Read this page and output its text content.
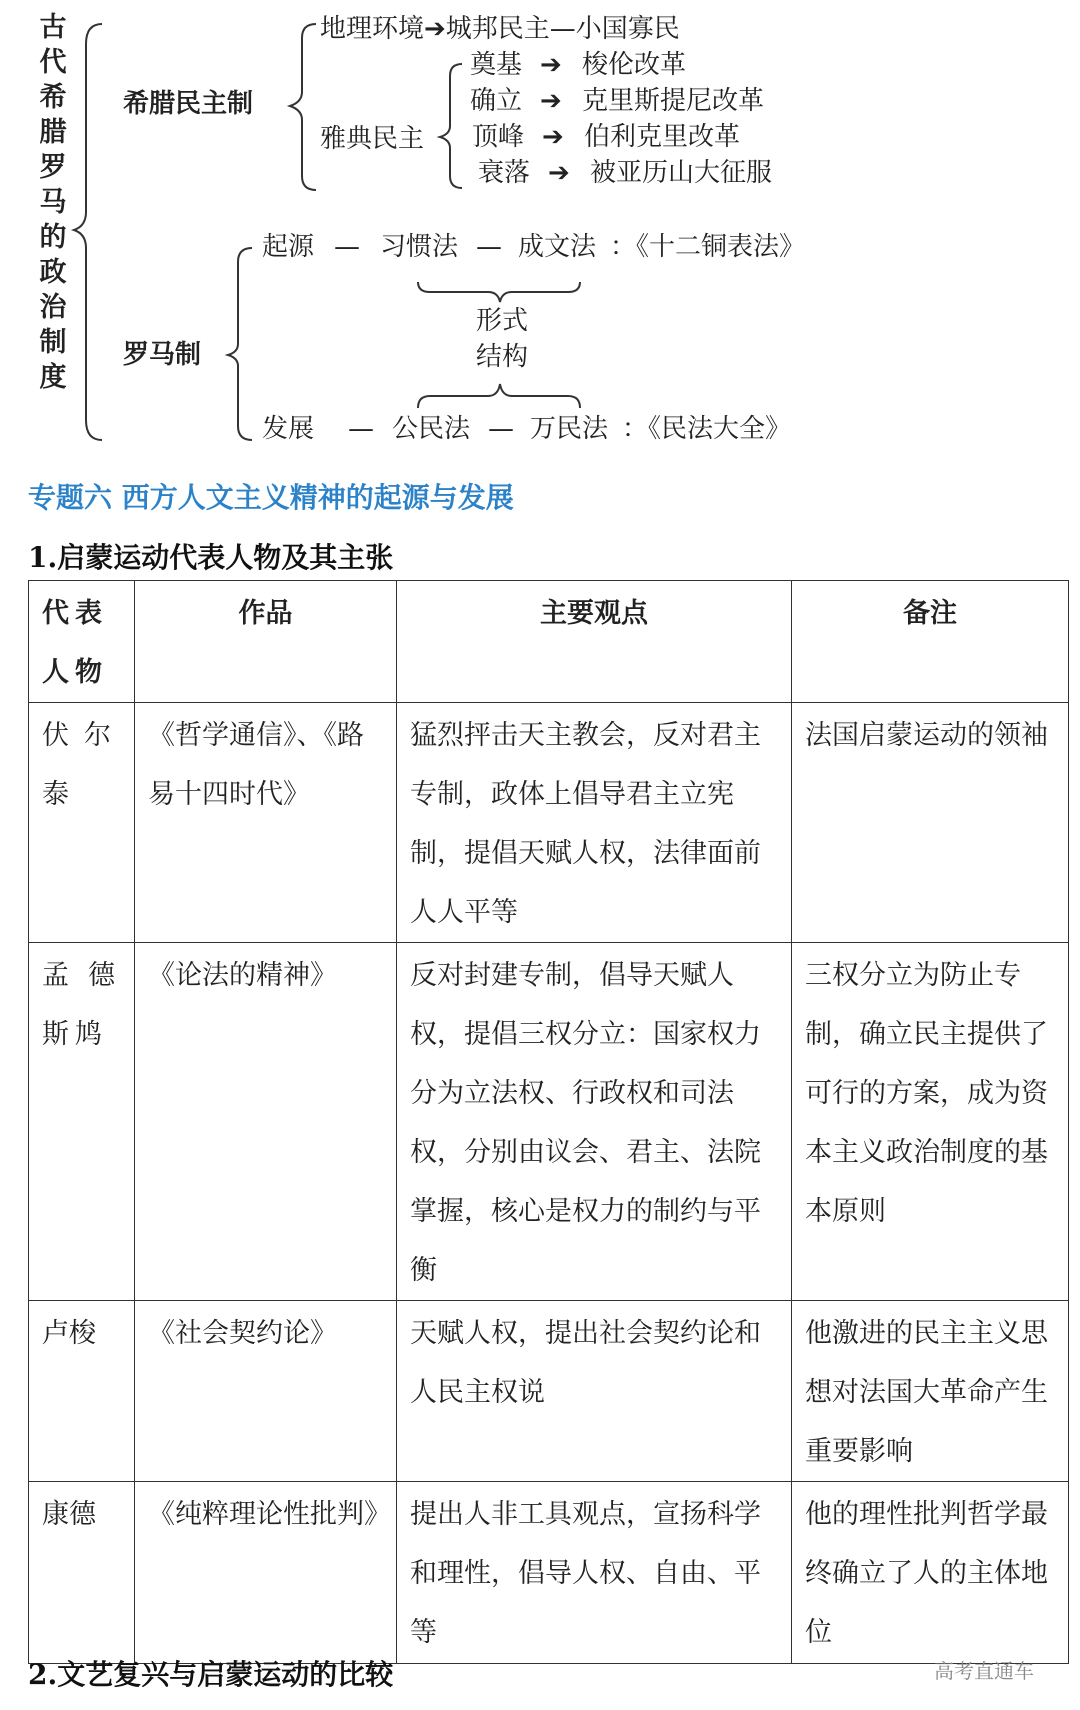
古
代
希
腊
罗
马
的
政
治
制
度
希腊民主制
地理环境➔城邦民主—小国寡民
雅典民主
奠基 ➔ 梭伦改革
确立 ➔ 克里斯提尼改革
顶峰 ➔ 伯利克里改革
衰落 ➔ 被亚历山大征服
罗马制
起源 — 习惯法 — 成文法 ：《十二铜表法》
形式
结构
发展 — 公民法 — 万民法 ：《民法大全》
专题六 西方人文主义精神的起源与发展
1.启蒙运动代表人物及其主张
代表人物	作品	主要观点	备注
伏尔泰	《哲学通信》、《路易十四时代》	猛烈抨击天主教会，反对君主专制，政体上倡导君主立宪制，提倡天赋人权，法律面前人人平等	法国启蒙运动的领袖
孟德斯鸠	《论法的精神》	反对封建专制，倡导天赋人权，提倡三权分立：国家权力分为立法权、行政权和司法权，分别由议会、君主、法院掌握，核心是权力的制约与平衡	三权分立为防止专制，确立民主提供了可行的方案，成为资本主义政治制度的基本原则
卢梭	《社会契约论》	天赋人权，提出社会契约论和人民主权说	他激进的民主主义思想对法国大革命产生重要影响
康德	《纯粹理论性批判》	提出人非工具观点，宣扬科学和理性，倡导人权、自由、平等	他的理性批判哲学最终确立了人的主体地位
2.文艺复兴与启蒙运动的比较	高考直通车
